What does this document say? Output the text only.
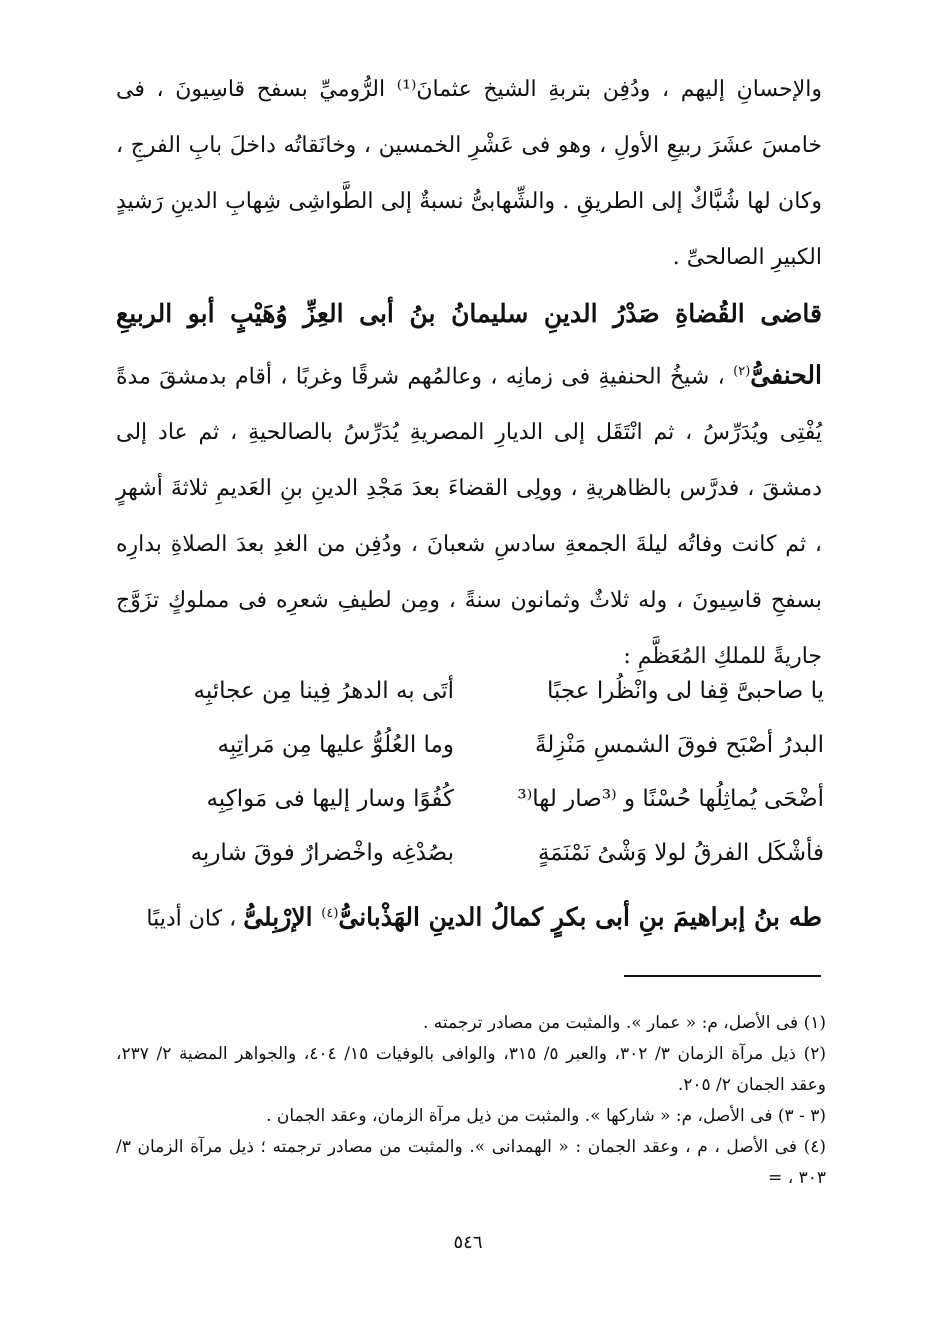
والإحسانِ إليهم ، ودُفِن بتربةِ الشيخ عثمانَ⁽¹⁾ الرُّوميِّ بسفح قاسِيونَ ، فى خامسَ عشَرَ ربيعِ الأولِ ، وهو فى عَشْرِ الخمسين ، وخانَقاتُه داخلَ بابِ الفرجِ ، وكان لها شُبَّاكٌ إلى الطريقِ . والشِّهابىُّ نسبةٌ إلى الطَّواشِى شِهابِ الدينِ رَشيدٍ الكبيرِ الصالحىِّ .

قاضى القُضاةِ صَدْرُ الدينِ سليمانُ بنُ أبى العِزِّ وُهَيْبٍ أبو الربيعِ الحنفىُّ$^{(٢)}$ ، شيخُ الحنفيةِ فى زمانِه ، وعالمُهم شرقًا وغربًا ، أقام بدمشقَ مدةً يُفْتِى ويُدَرِّسُ ، ثم انْتَقَل إلى الديارِ المصريةِ يُدَرِّسُ بالصالحيةِ ، ثم عاد إلى دمشقَ ، فدرَّس بالظاهريةِ ، وولِى القضاءَ بعدَ مَجْدِ الدينِ بنِ العَديمِ ثلاثةَ أشهرٍ ، ثم كانت وفاتُه ليلةَ الجمعةِ سادسِ شعبانَ ، ودُفِن من الغدِ بعدَ الصلاةِ بدارِه بسفحِ قاسِيونَ ، وله ثلاثٌ وثمانون سنةً ، ومِن لطيفِ شعرِه فى مملوكٍ تزَوَّج جاريةً للملكِ المُعَظَّمِ :

يا صاحبىَّ قِفا لى وانْظُرا عجبًا
أتَى به الدهرُ فِينا مِن عجائبِه
البدرُ أصْبَح فوقَ الشمسِ مَنْزِلةً
وما العُلُوُّ عليها مِن مَراتِبِه
أضْحَى يُماثِلُها حُسْنًا و ⁽³صار لها⁽³
كُفُوًا وسار إليها فى مَواكِبِه
فأشْكَل الفرقُ لولا وَشْىُ نَمْنَمَةٍ
بصُدْغِه واخْضرارٌ فوقَ شاربِه
طه بنُ إبراهيمَ بنِ أبى بكرٍ كمالُ الدينِ الهَذْبانىُّ$^{(٤)}$ الإرْبِلىُّ ، كان أديبًا

(١) فى الأصل، م: « عمار ». والمثبت من مصادر ترجمته .

(٢) ذيل مرآة الزمان ٣/ ٣٠٢، والعبر ٥/ ٣١٥، والوافى بالوفيات ١٥/ ٤٠٤، والجواهر المضية ٢/ ٢٣٧، وعقد الجمان ٢/ ٢٠٥.

(٣ - ٣) فى الأصل، م: « شاركها ». والمثبت من ذيل مرآة الزمان، وعقد الجمان .

(٤) فى الأصل ، م ، وعقد الجمان : « الهمدانى ». والمثبت من مصادر ترجمته ؛ ذيل مرآة الزمان ٣/ ٣٠٣ ، =

٥٤٦
